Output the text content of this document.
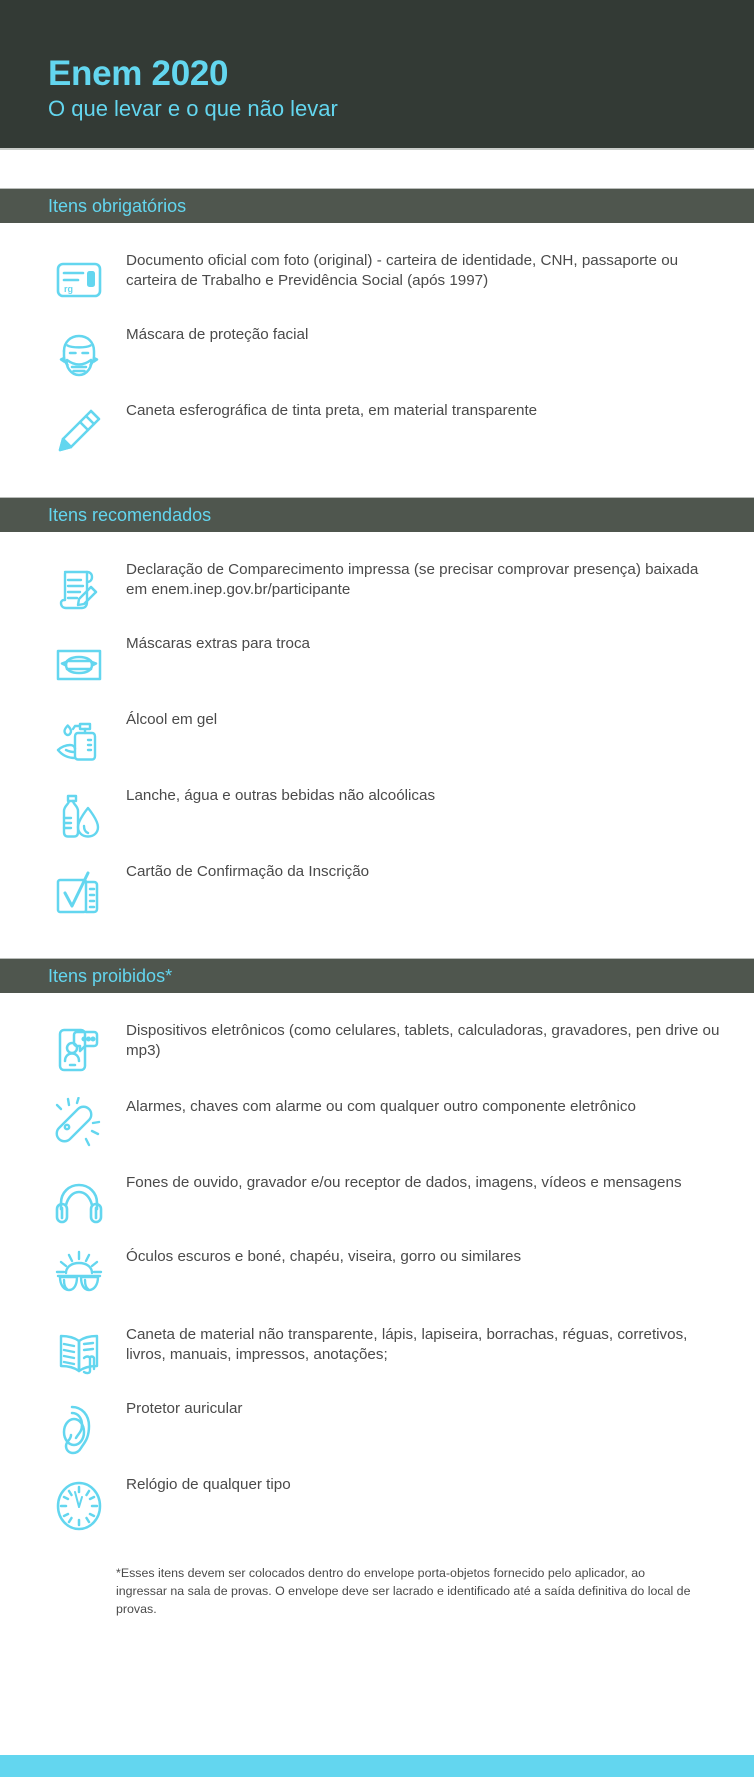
Enem 2020
O que levar e o que não levar
Itens obrigatórios
rg
Documento oficial com foto (original) - carteira de identidade, CNH, passaporte ou carteira de Trabalho e Previdência Social (após 1997)
Máscara de proteção facial
Caneta esferográfica de tinta preta, em material transparente
Itens recomendados
Declaração de Comparecimento impressa (se precisar comprovar presença) baixada em enem.inep.gov.br/participante
Máscaras extras para troca
Álcool em gel
Lanche, água e outras bebidas não alcoólicas
Cartão de Confirmação da Inscrição
Itens proibidos*
Dispositivos eletrônicos (como celulares, tablets, calculadoras, gravadores, pen drive ou mp3)
Alarmes, chaves com alarme ou com qualquer outro componente eletrônico
Fones de ouvido, gravador e/ou receptor de dados, imagens, vídeos e mensagens
Óculos escuros e boné, chapéu, viseira, gorro ou similares
Caneta de material não transparente, lápis, lapiseira, borrachas, réguas, corretivos, livros, manuais, impressos, anotações;
Protetor auricular
Relógio de qualquer tipo
*Esses itens devem ser colocados dentro do envelope porta-objetos fornecido pelo aplicador, ao ingressar na sala de provas. O envelope deve ser lacrado e identificado até a saída definitiva do local de provas.
